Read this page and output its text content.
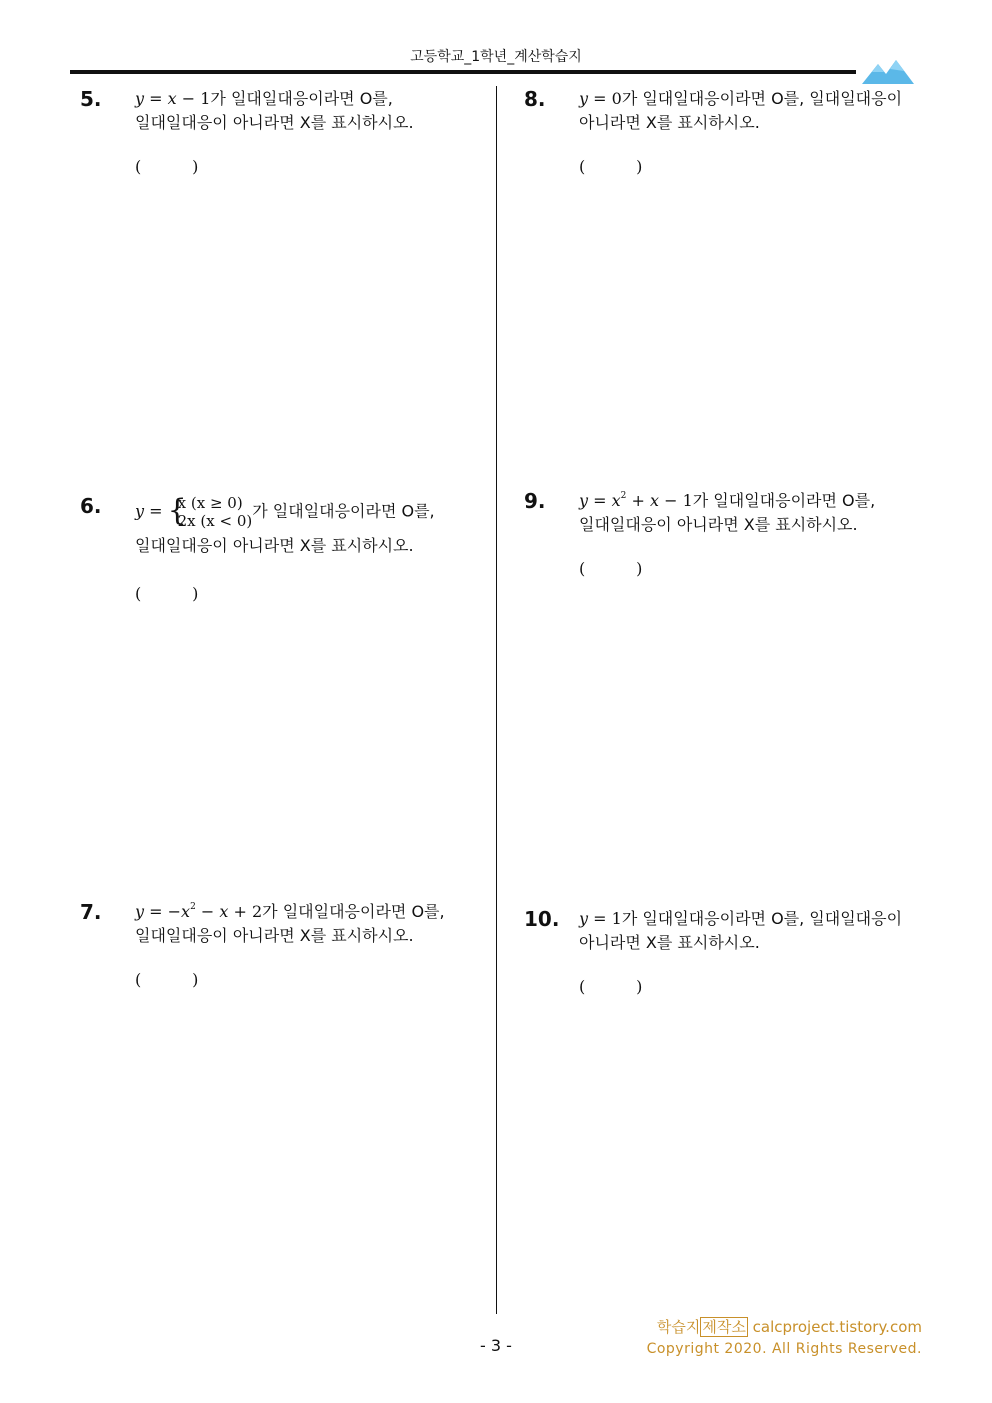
고등학교_1학년_계산학습지
5. y = x − 1가 일대일대응이라면 O를,
일대일대응이 아니라면 X를 표시하시오.
(          )
6. y = {
x (x ≥ 0)
2x (x < 0)
가 일대일대응이라면 O를,
일대일대응이 아니라면 X를 표시하시오.
(          )
7. $y = -x^2 - x + 2$가 일대일대응이라면 O를,
일대일대응이 아니라면 X를 표시하시오.
(          )
8. y = 0가 일대일대응이라면 O를, 일대일대응이
아니라면 X를 표시하시오.
(          )
9. $y = x^2 + x - 1$가 일대일대응이라면 O를,
일대일대응이 아니라면 X를 표시하시오.
(          )
10. y = 1가 일대일대응이라면 O를, 일대일대응이
아니라면 X를 표시하시오.
(          )
학습지 제작소 calcproject.tistory.com
Copyright 2020. All Rights Reserved.
- 3 -
